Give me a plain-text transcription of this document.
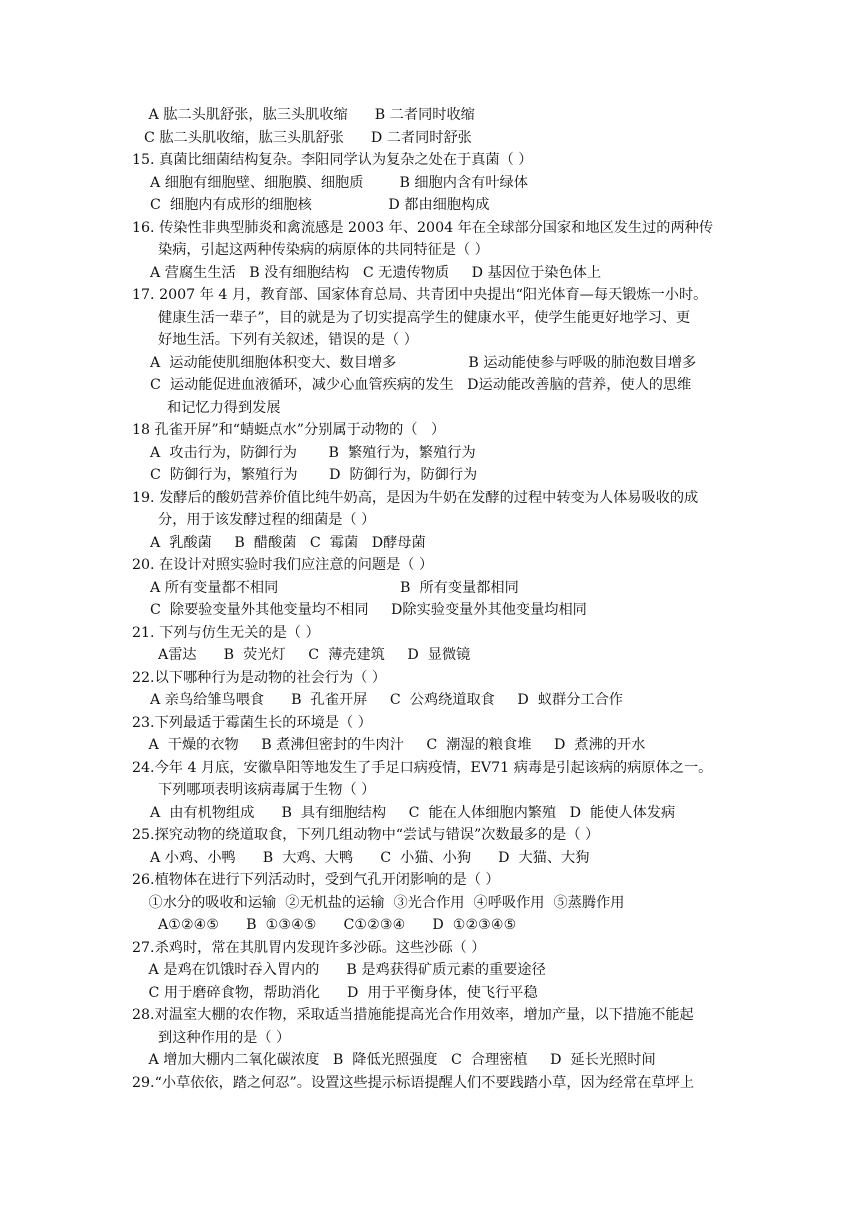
A 肱二头肌舒张，肱三头肌收缩      B 二者同时收缩
C 肱二头肌收缩，肱三头肌舒张      D 二者同时舒张
15. 真菌比细菌结构复杂。李阳同学认为复杂之处在于真菌（ ）
A 细胞有细胞壁、细胞膜、细胞质        B 细胞内含有叶绿体
C  细胞内有成形的细胞核                 D 都由细胞构成
16. 传染性非典型肺炎和禽流感是 2003 年、2004 年在全球部分国家和地区发生过的两种传
染病，引起这两种传染病的病原体的共同特征是（ ）
A 营腐生生活   B 没有细胞结构   C 无遗传物质     D 基因位于染色体上
17. 2007 年 4 月，教育部、国家体育总局、共青团中央提出“阳光体育—每天锻炼一小时。
健康生活一辈子”，目的就是为了切实提高学生的健康水平，使学生能更好地学习、更
好地生活。下列有关叙述，错误的是（ ）
A  运动能使肌细胞体积变大、数目增多                B 运动能使参与呼吸的肺泡数目增多
C  运动能促进血液循环，减少心血管疾病的发生   D运动能改善脑的营养，使人的思维
和记忆力得到发展
18 孔雀开屏”和“蜻蜓点水”分别属于动物的（   ）
A  攻击行为，防御行为       B  繁殖行为，繁殖行为
C  防御行为，繁殖行为       D  防御行为，防御行为
19. 发酵后的酸奶营养价值比纯牛奶高，是因为牛奶在发酵的过程中转变为人体易吸收的成
分，用于该发酵过程的细菌是（ ）
A  乳酸菌     B  醋酸菌   C  霉菌   D酵母菌
20. 在设计对照实验时我们应注意的问题是（ ）
A 所有变量都不相同                           B  所有变量都相同
C  除要验变量外其他变量均不相同     D除实验变量外其他变量均相同
21. 下列与仿生无关的是（ ）
A雷达      B  荧光灯     C  薄壳建筑     D  显微镜
22.以下哪种行为是动物的社会行为（ ）
A 亲鸟给雏鸟喂食      B  孔雀开屏     C  公鸡绕道取食     D  蚁群分工合作
23.下列最适于霉菌生长的环境是（ ）
A  干燥的衣物     B 煮沸但密封的牛肉汁     C  潮湿的粮食堆     D  煮沸的开水
24.今年 4 月底，安徽阜阳等地发生了手足口病疫情，EV71 病毒是引起该病的病原体之一。
下列哪项表明该病毒属于生物（ ）
A  由有机物组成      B  具有细胞结构     C  能在人体细胞内繁殖   D  能使人体发病
25.探究动物的绕道取食，下列几组动物中“尝试与错误”次数最多的是（ ）
A 小鸡、小鸭      B  大鸡、大鸭      C  小猫、小狗      D  大猫、大狗
26.植物体在进行下列活动时，受到气孔开闭影响的是（ ）
①水分的吸收和运输  ②无机盐的运输  ③光合作用  ④呼吸作用  ⑤蒸腾作用
A①②④⑤      B  ①③④⑤      C①②③④      D  ①②③④⑤
27.杀鸡时，常在其肌胃内发现许多沙砾。这些沙砾（ ）
A 是鸡在饥饿时吞入胃内的      B 是鸡获得矿质元素的重要途径
C 用于磨碎食物，帮助消化      D  用于平衡身体，使飞行平稳
28.对温室大棚的农作物，采取适当措施能提高光合作用效率，增加产量，以下措施不能起
到这种作用的是（ ）
A 增加大棚内二氧化碳浓度   B  降低光照强度   C  合理密植     D  延长光照时间
29.“小草依依，踏之何忍”。设置这些提示标语提醒人们不要践踏小草，因为经常在草坪上
